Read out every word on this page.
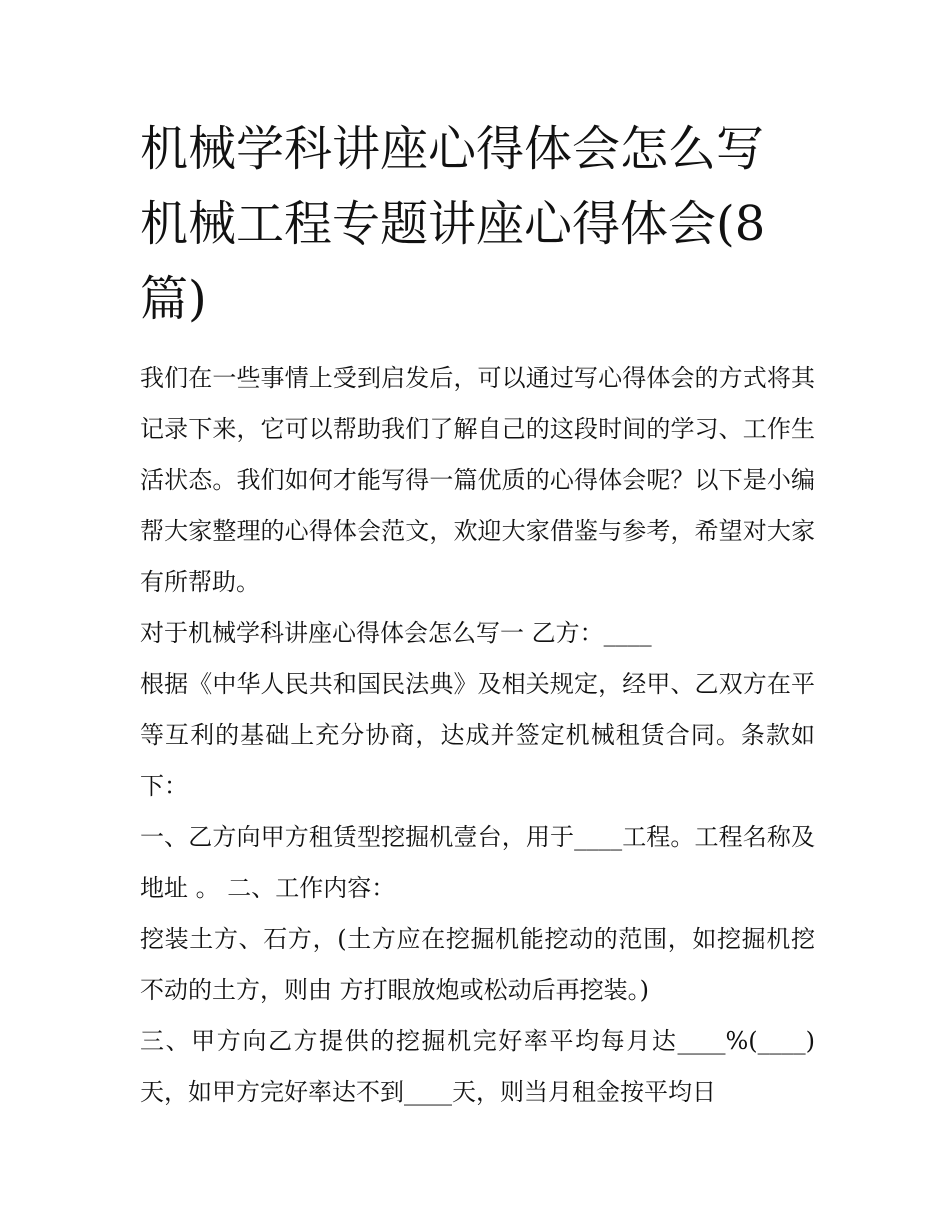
机械学科讲座心得体会怎么写 机械工程专题讲座心得体会(8篇)

我们在一些事情上受到启发后，可以通过写心得体会的方式将其记录下来，它可以帮助我们了解自己的这段时间的学习、工作生活状态。我们如何才能写得一篇优质的心得体会呢？以下是小编帮大家整理的心得体会范文，欢迎大家借鉴与参考，希望对大家有所帮助。

对于机械学科讲座心得体会怎么写一 乙方：____

根据《中华人民共和国民法典》及相关规定，经甲、乙双方在平等互利的基础上充分协商，达成并签定机械租赁合同。条款如下：

一、乙方向甲方租赁型挖掘机壹台，用于____工程。工程名称及地址 。 二、工作内容：

挖装土方、石方，(土方应在挖掘机能挖动的范围，如挖掘机挖不动的土方，则由 方打眼放炮或松动后再挖装。)

三、甲方向乙方提供的挖掘机完好率平均每月达____%(____)天，如甲方完好率达不到____天，则当月租金按平均日
